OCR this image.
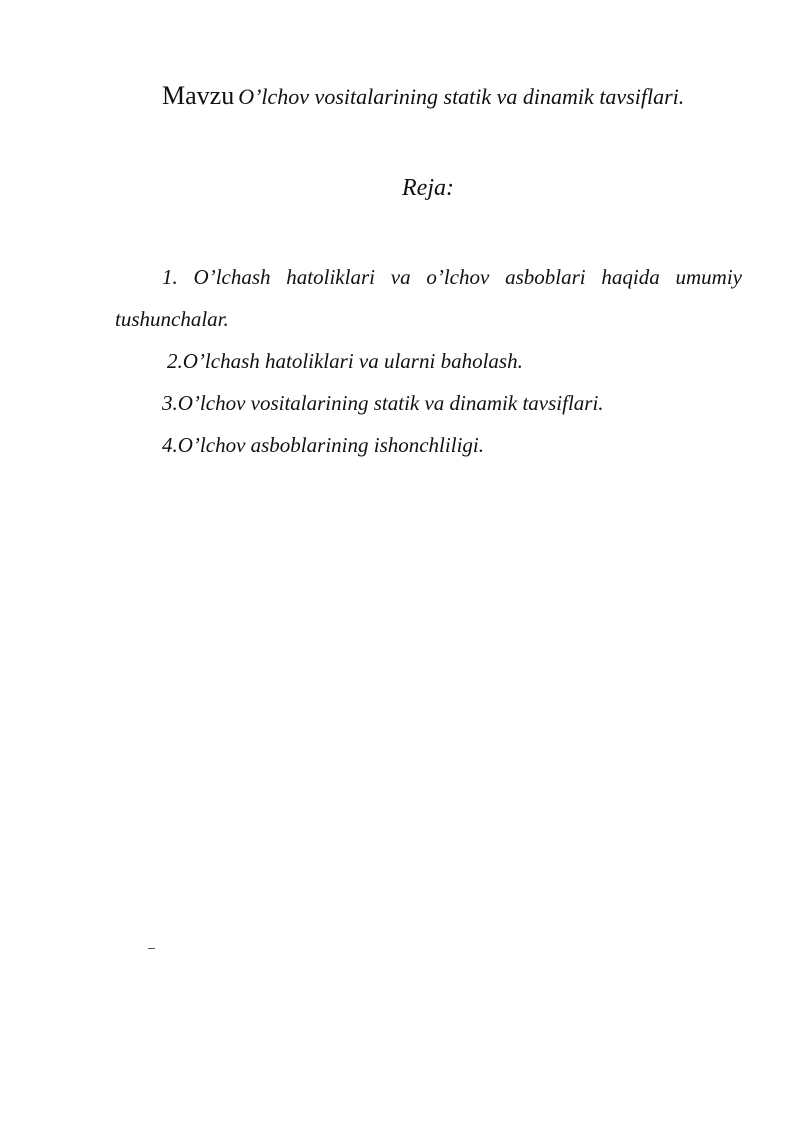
Mavzu O’lchov vositalarining statik va dinamik tavsiflari.
Reja:

1. O’lchash hatoliklari va o’lchov asboblari haqida umumiy tushunchalar.

2.O’lchash hatoliklari va ularni baholash.

3.O’lchov vositalarining statik va dinamik tavsiflari.

4.O’lchov asboblarining ishonchliligi.
